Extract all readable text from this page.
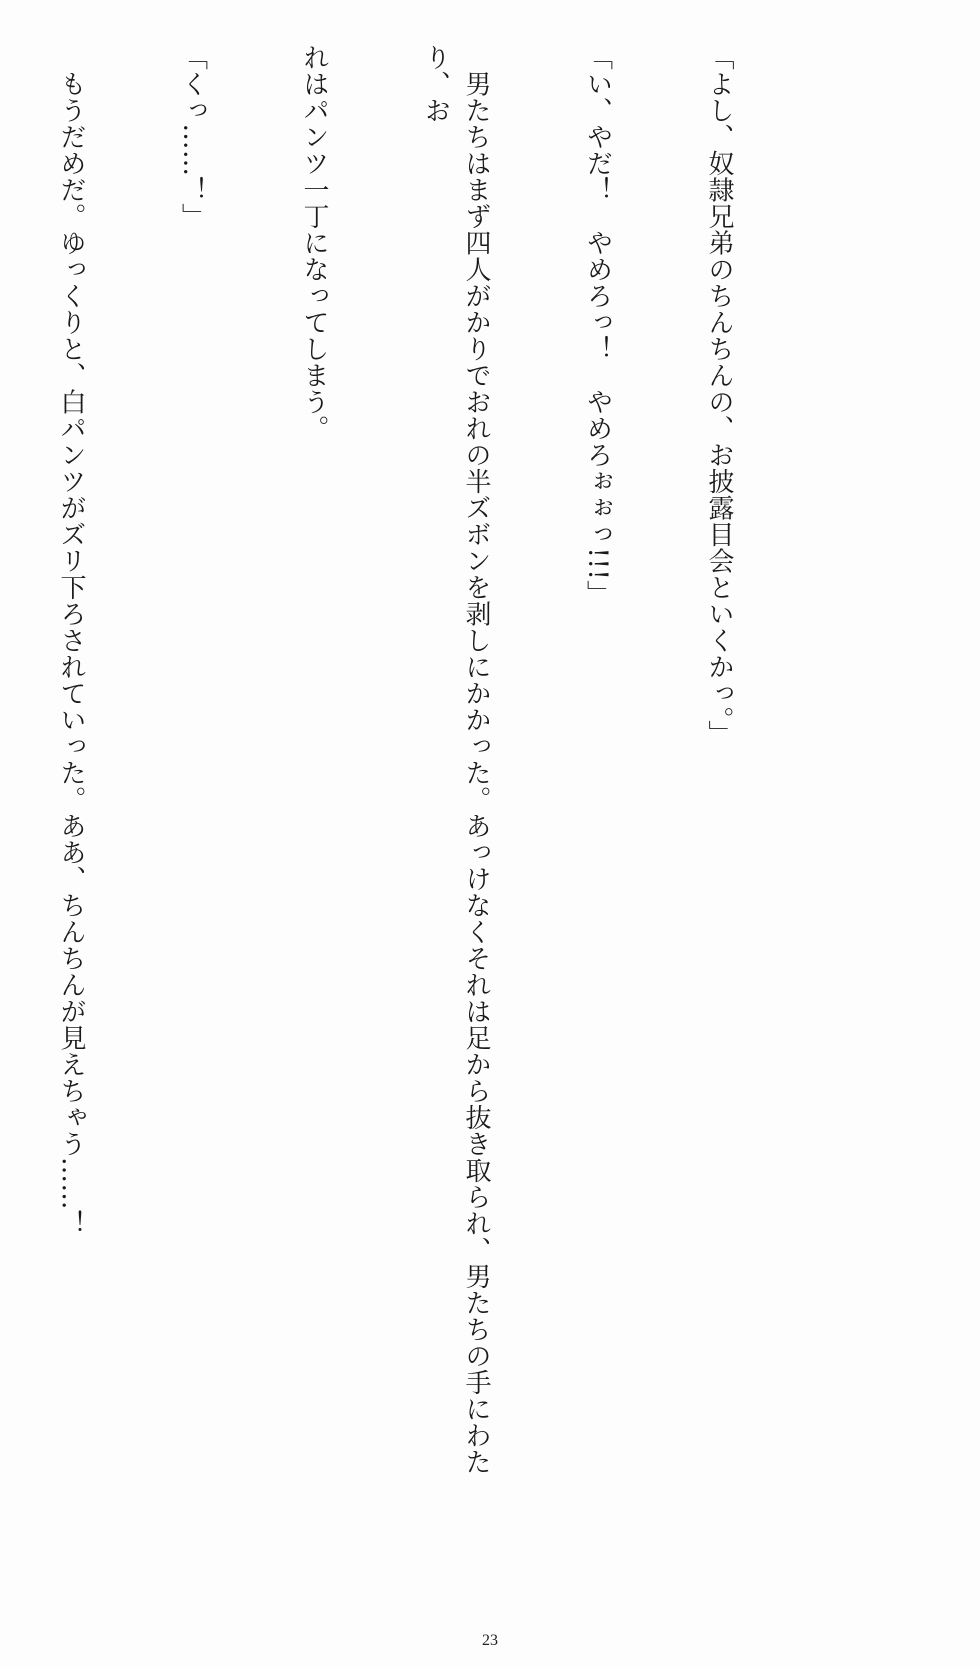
「よし、奴隷兄弟のちんちんの、お披露目会といくかっ。」

「い、やだ！　やめろっ！　やめろぉぉっ!!!」

　男たちはまず四人がかりでおれの半ズボンを剥しにかかった。あっけなくそれは足から抜き取られ、男たちの手にわたり、お

れはパンツ一丁になってしまう。

「くっ……！」

　もうだめだ。ゆっくりと、白パンツがズリ下ろされていった。ああ、ちんちんが見えちゃう……！

23
